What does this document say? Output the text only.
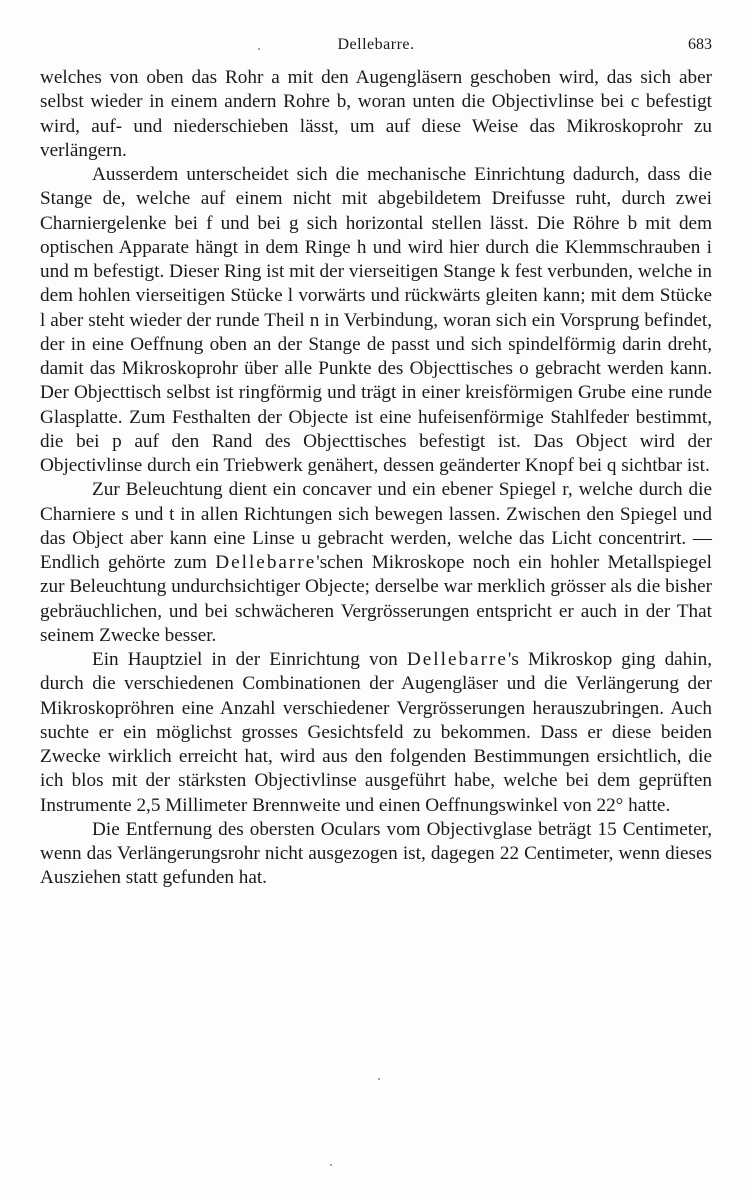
Dellebarre.	683

welches von oben das Rohr a mit den Augengläsern geschoben wird, das sich aber selbst wieder in einem andern Rohre b, woran unten die Objectivlinse bei c befestigt wird, auf- und niederschieben lässt, um auf diese Weise das Mikroskoprohr zu verlängern.

Ausserdem unterscheidet sich die mechanische Einrichtung dadurch, dass die Stange de, welche auf einem nicht mit abgebildetem Dreifusse ruht, durch zwei Charniergelenke bei f und bei g sich horizontal stellen lässt. Die Röhre b mit dem optischen Apparate hängt in dem Ringe h und wird hier durch die Klemmschrauben i und m befestigt. Dieser Ring ist mit der vierseitigen Stange k fest verbunden, welche in dem hohlen vierseitigen Stücke l vorwärts und rückwärts gleiten kann; mit dem Stücke l aber steht wieder der runde Theil n in Verbindung, woran sich ein Vorsprung befindet, der in eine Oeffnung oben an der Stange de passt und sich spindelförmig darin dreht, damit das Mikroskoprohr über alle Punkte des Objecttisches o gebracht werden kann. Der Objecttisch selbst ist ringförmig und trägt in einer kreisförmigen Grube eine runde Glasplatte. Zum Festhalten der Objecte ist eine hufeisenförmige Stahlfeder bestimmt, die bei p auf den Rand des Objecttisches befestigt ist. Das Object wird der Objectivlinse durch ein Triebwerk genähert, dessen geänderter Knopf bei q sichtbar ist.

Zur Beleuchtung dient ein concaver und ein ebener Spiegel r, welche durch die Charniere s und t in allen Richtungen sich bewegen lassen. Zwischen den Spiegel und das Object aber kann eine Linse u gebracht werden, welche das Licht concentrirt. — Endlich gehörte zum Dellebarre'schen Mikroskope noch ein hohler Metallspiegel zur Beleuchtung undurchsichtiger Objecte; derselbe war merklich grösser als die bisher gebräuchlichen, und bei schwächeren Vergrösserungen entspricht er auch in der That seinem Zwecke besser.

Ein Hauptziel in der Einrichtung von Dellebarre's Mikroskop ging dahin, durch die verschiedenen Combinationen der Augengläser und die Verlängerung der Mikroskopröhren eine Anzahl verschiedener Vergrösserungen herauszubringen. Auch suchte er ein möglichst grosses Gesichtsfeld zu bekommen. Dass er diese beiden Zwecke wirklich erreicht hat, wird aus den folgenden Bestimmungen ersichtlich, die ich blos mit der stärksten Objectivlinse ausgeführt habe, welche bei dem geprüften Instrumente 2,5 Millimeter Brennweite und einen Oeffnungswinkel von 22° hatte.

Die Entfernung des obersten Oculars vom Objectivglase beträgt 15 Centimeter, wenn das Verlängerungsrohr nicht ausgezogen ist, dagegen 22 Centimeter, wenn dieses Ausziehen statt gefunden hat.
